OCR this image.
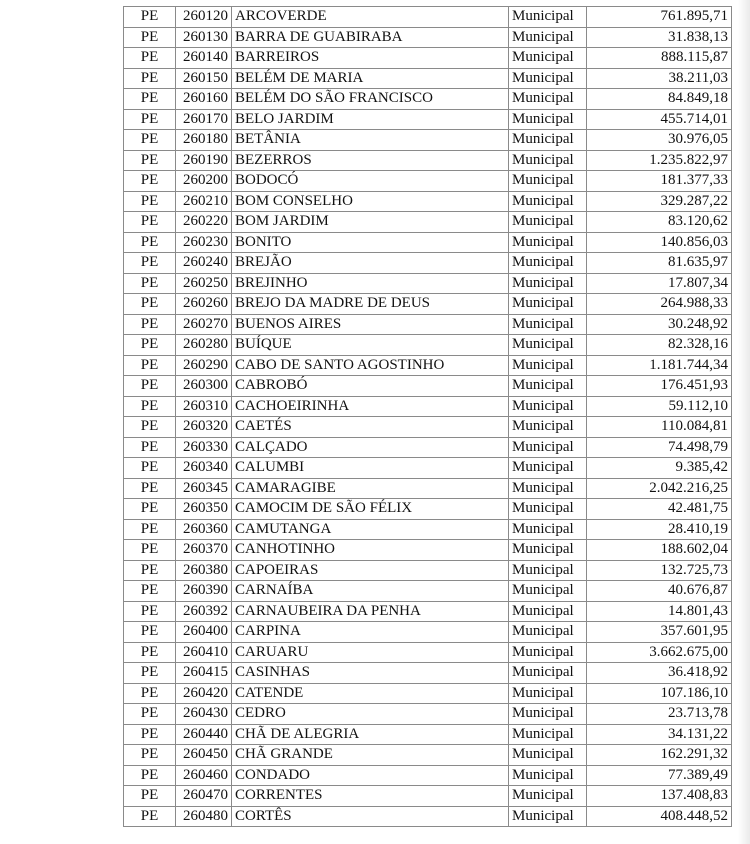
PE	260120	ARCOVERDE	Municipal	761.895,71
PE	260130	BARRA DE GUABIRABA	Municipal	31.838,13
PE	260140	BARREIROS	Municipal	888.115,87
PE	260150	BELÉM DE MARIA	Municipal	38.211,03
PE	260160	BELÉM DO SÃO FRANCISCO	Municipal	84.849,18
PE	260170	BELO JARDIM	Municipal	455.714,01
PE	260180	BETÂNIA	Municipal	30.976,05
PE	260190	BEZERROS	Municipal	1.235.822,97
PE	260200	BODOCÓ	Municipal	181.377,33
PE	260210	BOM CONSELHO	Municipal	329.287,22
PE	260220	BOM JARDIM	Municipal	83.120,62
PE	260230	BONITO	Municipal	140.856,03
PE	260240	BREJÃO	Municipal	81.635,97
PE	260250	BREJINHO	Municipal	17.807,34
PE	260260	BREJO DA MADRE DE DEUS	Municipal	264.988,33
PE	260270	BUENOS AIRES	Municipal	30.248,92
PE	260280	BUÍQUE	Municipal	82.328,16
PE	260290	CABO DE SANTO AGOSTINHO	Municipal	1.181.744,34
PE	260300	CABROBÓ	Municipal	176.451,93
PE	260310	CACHOEIRINHA	Municipal	59.112,10
PE	260320	CAETÉS	Municipal	110.084,81
PE	260330	CALÇADO	Municipal	74.498,79
PE	260340	CALUMBI	Municipal	9.385,42
PE	260345	CAMARAGIBE	Municipal	2.042.216,25
PE	260350	CAMOCIM DE SÃO FÉLIX	Municipal	42.481,75
PE	260360	CAMUTANGA	Municipal	28.410,19
PE	260370	CANHOTINHO	Municipal	188.602,04
PE	260380	CAPOEIRAS	Municipal	132.725,73
PE	260390	CARNAÍBA	Municipal	40.676,87
PE	260392	CARNAUBEIRA DA PENHA	Municipal	14.801,43
PE	260400	CARPINA	Municipal	357.601,95
PE	260410	CARUARU	Municipal	3.662.675,00
PE	260415	CASINHAS	Municipal	36.418,92
PE	260420	CATENDE	Municipal	107.186,10
PE	260430	CEDRO	Municipal	23.713,78
PE	260440	CHÃ DE ALEGRIA	Municipal	34.131,22
PE	260450	CHÃ GRANDE	Municipal	162.291,32
PE	260460	CONDADO	Municipal	77.389,49
PE	260470	CORRENTES	Municipal	137.408,83
PE	260480	CORTÊS	Municipal	408.448,52
